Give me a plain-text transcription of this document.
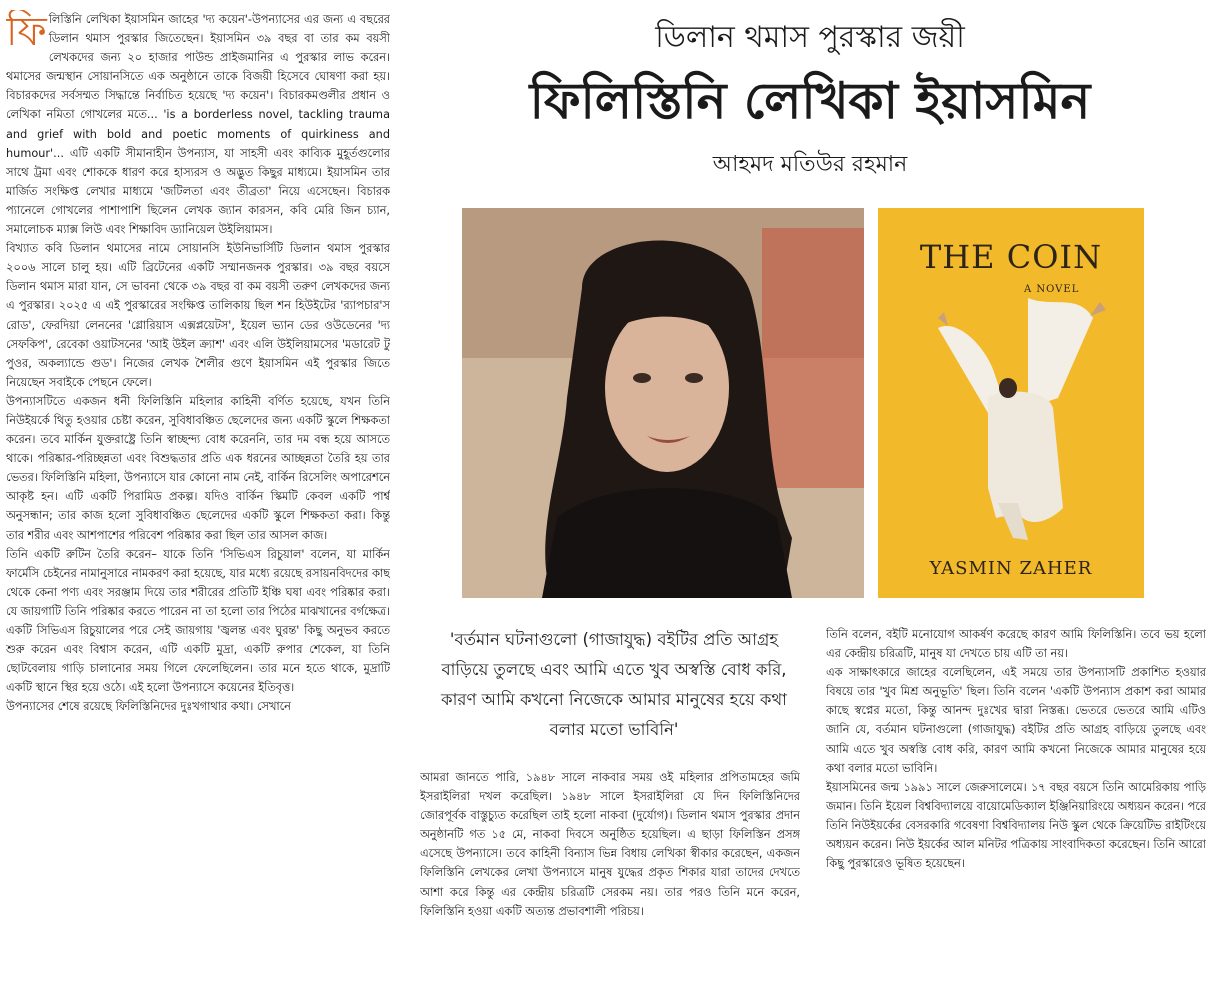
ফিলিস্তিনি লেখিকা ইয়াসমিন জাহের 'দ্য কয়েন'-উপন্যাসের এর জন্য এ বছরের ডিলান থমাস পুরস্কার জিতেছেন। ইয়াসমিন ৩৯ বছর বা তার কম বয়সী লেখকদের জন্য ২০ হাজার পাউন্ড প্রাইজমানির এ পুরস্কার লাভ করেন। থমাসের জন্মস্থান সোয়ানসিতে এক অনুষ্ঠানে তাকে বিজয়ী হিসেবে ঘোষণা করা হয়। বিচারকদের সর্বসম্মত সিদ্ধান্তে নির্বাচিত হয়েছে 'দ্য কয়েন'। বিচারকমণ্ডলীর প্রধান ও লেখিকা নমিতা গোখলের মতে... 'is a borderless novel, tackling trauma and grief with bold and poetic moments of quirkiness and humour'... এটি একটি সীমানাহীন উপন্যাস, যা সাহসী এবং কাব্যিক মুহূর্তগুলোর সাথে ট্রমা এবং শোককে ধারণ করে হাস্যরস ও অদ্ভুত কিছুর মাধ্যমে। ইয়াসমিন তার মার্জিত সংক্ষিপ্ত লেখার মাধ্যমে 'জটিলতা এবং তীব্রতা' নিয়ে এসেছেন। বিচারক প্যানেলে গোখলের পাশাপাশি ছিলেন লেখক জ্যান কারসন, কবি মেরি জিন চ্যান, সমালোচক ম্যাক্স লিউ এবং শিক্ষাবিদ ড্যানিয়েল উইলিয়ামস।

বিখ্যাত কবি ডিলান থমাসের নামে সোয়ানসি ইউনিভার্সিটি ডিলান থমাস পুরস্কার ২০০৬ সালে চালু হয়। এটি ব্রিটেনের একটি সম্মানজনক পুরস্কার। ৩৯ বছর বয়সে ডিলান থমাস মারা যান, সে ভাবনা থেকে ৩৯ বছর বা কম বয়সী তরুণ লেখকদের জন্য এ পুরস্কার। ২০২৫ এ এই পুরস্কারের সংক্ষিপ্ত তালিকায় ছিল শন হিউইটের 'র‍্যাপচার'স রোড', ফেরদিয়া লেননের 'গ্লোরিয়াস এক্সপ্লয়েটস', ইয়েল ভ্যান ডের ওউডেনের 'দ্য সেফকিপ', রেবেকা ওয়াটসনের 'আই উইল ক্র্যাশ' এবং এলি উইলিয়ামসের 'মডারেট টু পুওর, অকল্যান্ডে গুড'। নিজের লেখক শৈলীর গুণে ইয়াসমিন এই পুরস্কার জিতে নিয়েছেন সবাইকে পেছনে ফেলে।

উপন্যাসটিতে একজন ধনী ফিলিস্তিনি মহিলার কাহিনী বর্ণিত হয়েছে, যখন তিনি নিউইয়র্কে থিতু হওয়ার চেষ্টা করেন, সুবিধাবঞ্চিত ছেলেদের জন্য একটি স্কুলে শিক্ষকতা করেন। তবে মার্কিন যুক্তরাষ্ট্রে তিনি স্বাচ্ছন্দ্য বোধ করেননি, তার দম বন্ধ হয়ে আসতে থাকে। পরিষ্কার-পরিচ্ছন্নতা এবং বিশুদ্ধতার প্রতি এক ধরনের আচ্ছন্নতা তৈরি হয় তার ভেতর। ফিলিস্তিনি মহিলা, উপন্যাসে যার কোনো নাম নেই, বার্কিন রিসেলিং অপারেশনে আকৃষ্ট হন। এটি একটি পিরামিড প্রকল্প। যদিও বার্কিন স্কিমটি কেবল একটি পার্শ্ব অনুসন্ধান; তার কাজ হলো সুবিধাবঞ্চিত ছেলেদের একটি স্কুলে শিক্ষকতা করা। কিন্তু তার শরীর এবং আশপাশের পরিবেশ পরিষ্কার করা ছিল তার আসল কাজ।

তিনি একটি রুটিন তৈরি করেন– যাকে তিনি 'সিভিএস রিচুয়াল' বলেন, যা মার্কিন ফার্মেসি চেইনের নামানুসারে নামকরণ করা হয়েছে, যার মধ্যে রয়েছে রসায়নবিদদের কাছ থেকে কেনা পণ্য এবং সরঞ্জাম দিয়ে তার শরীরের প্রতিটি ইঞ্চি ঘষা এবং পরিষ্কার করা। যে জায়গাটি তিনি পরিষ্কার করতে পারেন না তা হলো তার পিঠের মাঝখানের বর্গক্ষেত্র। একটি সিভিএস রিচুয়ালের পরে সেই জায়গায় 'জ্বলন্ত এবং ঘুরন্ত' কিছু অনুভব করতে শুরু করেন এবং বিশ্বাস করেন, এটি একটি মুদ্রা, একটি রুপার শেকেল, যা তিনি ছোটবেলায় গাড়ি চালানোর সময় গিলে ফেলেছিলেন। তার মনে হতে থাকে, মুদ্রাটি একটি স্থানে স্থির হয়ে ওঠে। এই হলো উপন্যাসে কয়েনের ইতিবৃত্ত।

উপন্যাসের শেষে রয়েছে ফিলিস্তিনিদের দুঃখগাথার কথা। সেখানে

ডিলান থমাস পুরস্কার জয়ী
ফিলিস্তিনি লেখিকা ইয়াসমিন
আহমদ মতিউর রহমান
THE COIN
A NOVEL
YASMIN ZAHER
'বর্তমান ঘটনাগুলো (গাজাযুদ্ধ) বইটির প্রতি আগ্রহ বাড়িয়ে তুলছে এবং আমি এতে খুব অস্বস্তি বোধ করি, কারণ আমি কখনো নিজেকে আমার মানুষের হয়ে কথা বলার মতো ভাবিনি'

আমরা জানতে পারি, ১৯৪৮ সালে নাকবার সময় ওই মহিলার প্রপিতামহের জমি ইসরাইলিরা দখল করেছিল। ১৯৪৮ সালে ইসরাইলিরা যে দিন ফিলিস্তিনিদের জোরপূর্বক বাস্তুচ্যুত করেছিল তাই হলো নাকবা (দুর্যোগ)। ডিলান থমাস পুরস্কার প্রদান অনুষ্ঠানটি গত ১৫ মে, নাকবা দিবসে অনুষ্ঠিত হয়েছিল। এ ছাড়া ফিলিস্তিন প্রসঙ্গ এসেছে উপন্যাসে। তবে কাহিনী বিন্যাস ভিন্ন বিধায় লেখিকা স্বীকার করেছেন, একজন ফিলিস্তিনি লেখকের লেখা উপন্যাসে মানুষ যুদ্ধের প্রকৃত শিকার যারা তাদের দেখতে আশা করে কিন্তু এর কেন্দ্রীয় চরিত্রটি সেরকম নয়। তার পরও তিনি মনে করেন, ফিলিস্তিনি হওয়া একটি অত্যন্ত প্রভাবশালী পরিচয়।

তিনি বলেন, বইটি মনোযোগ আকর্ষণ করেছে কারণ আমি ফিলিস্তিনি। তবে ভয় হলো এর কেন্দ্রীয় চরিত্রটি, মানুষ যা দেখতে চায় এটি তা নয়।

এক সাক্ষাৎকারে জাহের বলেছিলেন, এই সময়ে তার উপন্যাসটি প্রকাশিত হওয়ার বিষয়ে তার 'খুব মিশ্র অনুভূতি' ছিল। তিনি বলেন 'একটি উপন্যাস প্রকাশ করা আমার কাছে স্বপ্নের মতো, কিন্তু আনন্দ দুঃখের দ্বারা নিস্তব্ধ। ভেতরে ভেতরে আমি এটিও জানি যে, বর্তমান ঘটনাগুলো (গাজাযুদ্ধ) বইটির প্রতি আগ্রহ বাড়িয়ে তুলছে এবং আমি এতে খুব অস্বস্তি বোধ করি, কারণ আমি কখনো নিজেকে আমার মানুষের হয়ে কথা বলার মতো ভাবিনি।

ইয়াসমিনের জন্ম ১৯৯১ সালে জেরুসালেমে। ১৭ বছর বয়সে তিনি আমেরিকায় পাড়ি জমান। তিনি ইয়েল বিশ্ববিদ্যালয়ে বায়োমেডিক্যাল ইঞ্জিনিয়ারিংয়ে অধ্যয়ন করেন। পরে তিনি নিউইয়র্কের বেসরকারি গবেষণা বিশ্ববিদ্যালয় নিউ স্কুল থেকে ক্রিয়েটিভ রাইটিংয়ে অধ্যয়ন করেন। নিউ ইয়র্কের আল মনিটর পত্রিকায় সাংবাদিকতা করেছেন। তিনি আরো কিছু পুরস্কারেও ভূষিত হয়েছেন।
